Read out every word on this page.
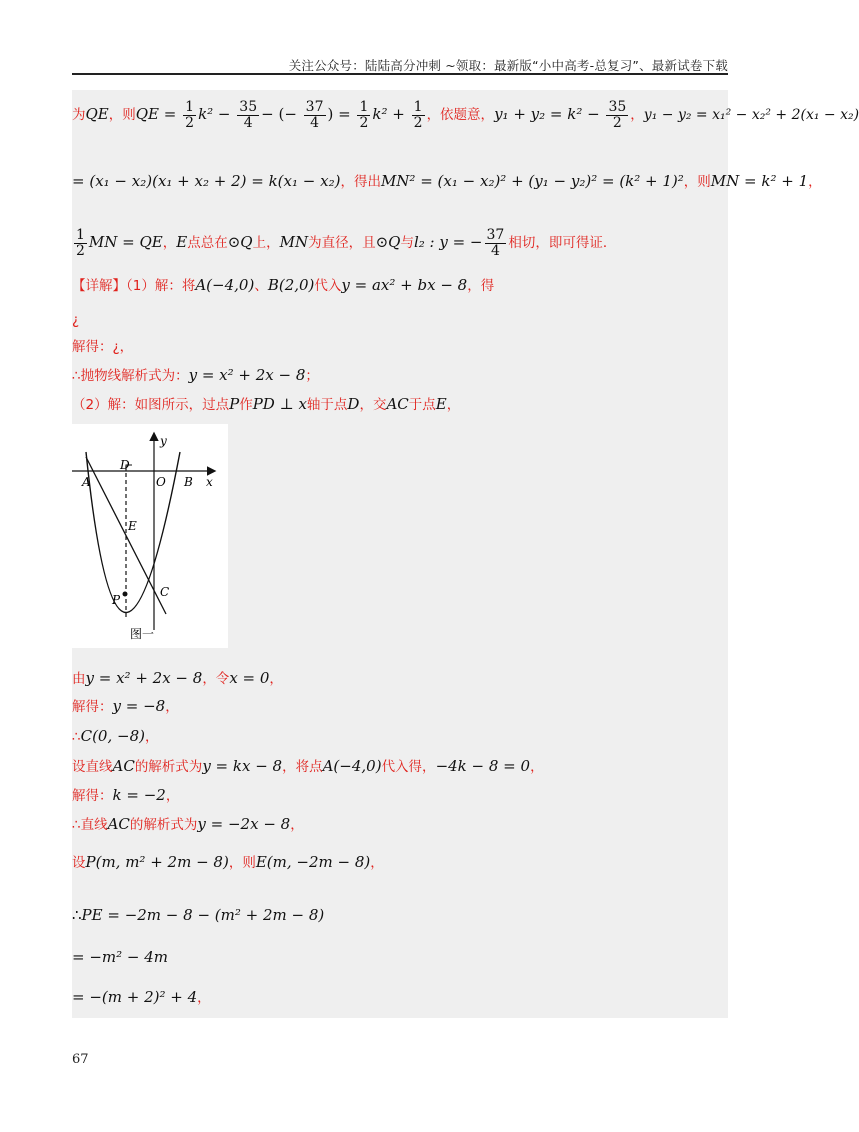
关注公众号：陆陆高分冲刺 ~领取：最新版“小中高考-总复习”、最新试卷下载
为QE，则QE = $\frac{1}{2} k^2 - \frac{35}{4}$ − (− $\frac{37}{4}$ ) = $\frac{1}{2} k^2 + \frac{1}{2}$ ，依题意，$y_1 + y_2 = k^2 - \frac{35}{2}$ ，y₁ − y₂ = x₁² − x₂² + 2(x₁ − x₂)
= (x₁ − x₂)(x₁ + x₂ + 2) = k(x₁ − x₂)，得出MN² = (x₁ − x₂)² + (y₁ − y₂)² = (k² + 1)²，则MN = k² + 1，
$\frac{1}{2}$ MN = QE，E点总在⊙Q上，MN为直径，且⊙Q与l₂ : y = − $\frac{37}{4}$ 相切，即可得证．
【详解】（1）解：将A(−4,0)、B(2,0)代入y = ax² + bx − 8，得
¿
解得：¿，
∴抛物线解析式为：y = x² + 2x − 8；
（2）解：如图所示，过点P作PD ⊥ x轴于点D，交AC于点E，
y
x
D
A	O B
E
P
C
图一
由y = x² + 2x − 8，令x = 0，
解得：y = −8，
∴C(0, −8)，
设直线AC的解析式为y = kx − 8，将点A(−4,0)代入得，−4k − 8 = 0，
解得：k = −2，
∴直线AC的解析式为y = −2x − 8，
设P(m, m² + 2m − 8)，则E(m, −2m − 8)，
∴PE = −2m − 8 − (m² + 2m − 8)
= −m² − 4m
= −(m + 2)² + 4，
67
